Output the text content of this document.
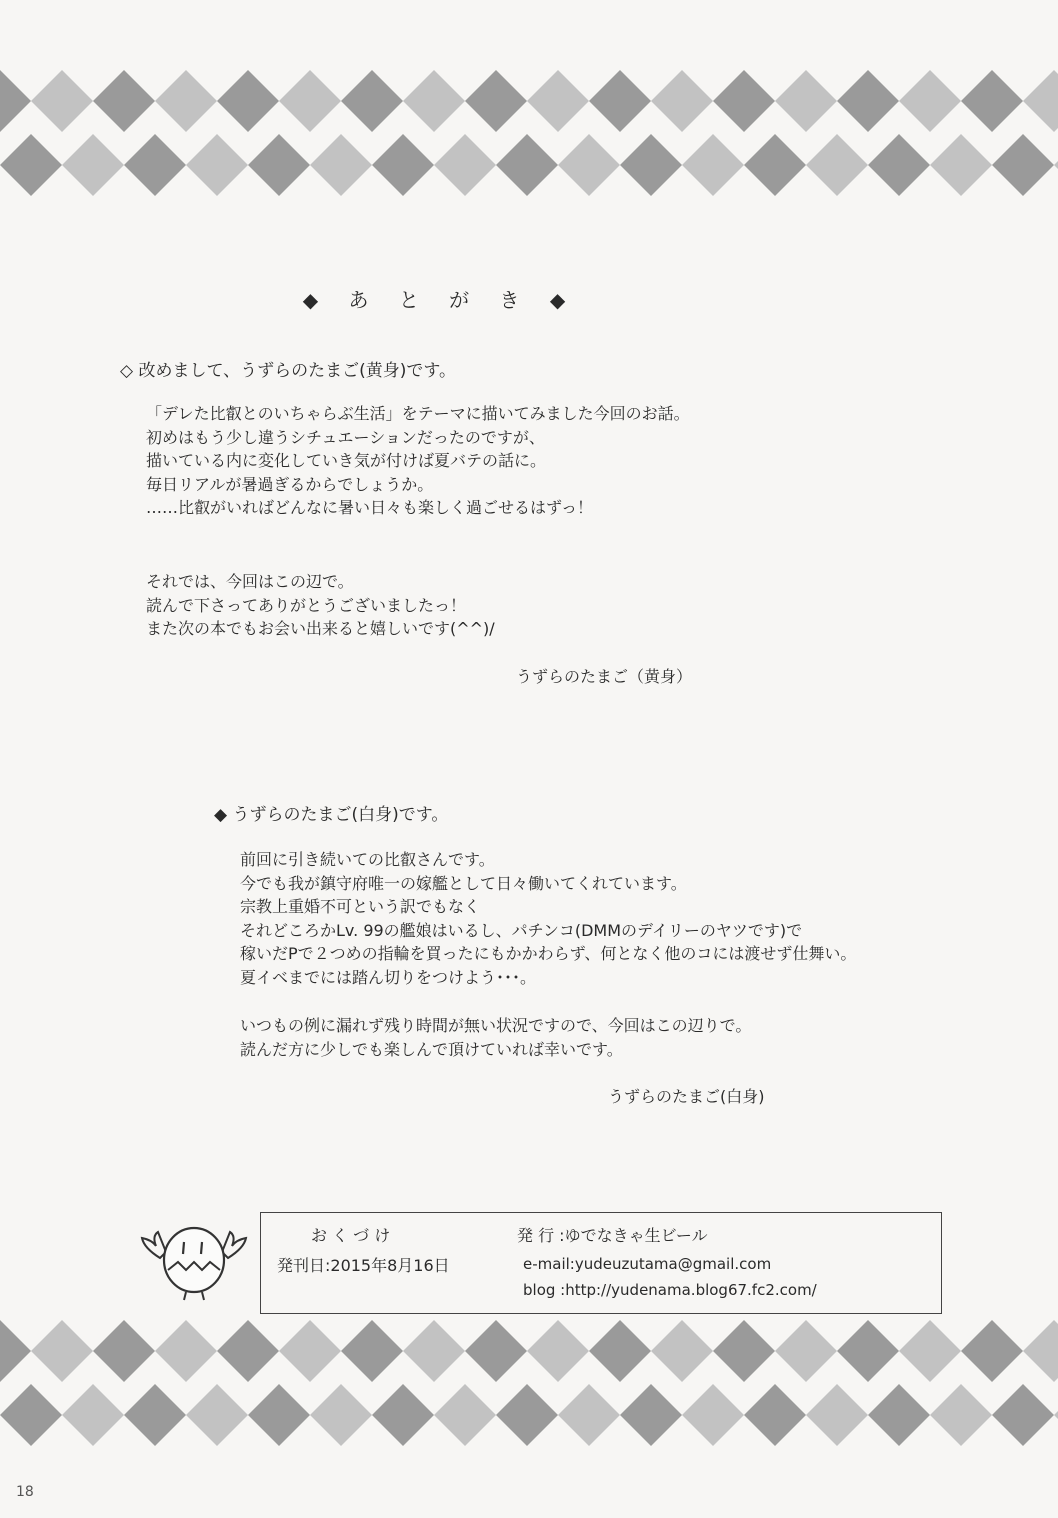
◆ あ と が き ◆
◇ 改めまして、うずらのたまご(黄身)です。

「デレた比叡とのいちゃらぶ生活」をテーマに描いてみました今回のお話。
初めはもう少し違うシチュエーションだったのですが、
描いている内に変化していき気が付けば夏バテの話に。
毎日リアルが暑過ぎるからでしょうか。
……比叡がいればどんなに暑い日々も楽しく過ごせるはずっ！

それでは、今回はこの辺で。
読んで下さってありがとうございましたっ！
また次の本でもお会い出来ると嬉しいです(^^)/

うずらのたまご（黄身）
◆ うずらのたまご(白身)です。

前回に引き続いての比叡さんです。
今でも我が鎮守府唯一の嫁艦として日々働いてくれています。
宗教上重婚不可という訳でもなく
それどころかLv. 99の艦娘はいるし、パチンコ(DMMのデイリーのヤツです)で
稼いだPで２つめの指輪を買ったにもかかわらず、何となく他のコには渡せず仕舞い。
夏イベまでには踏ん切りをつけよう･･･。

いつもの例に漏れず残り時間が無い状況ですので、今回はこの辺りで。
読んだ方に少しでも楽しんで頂けていれば幸いです。

うずらのたまご(白身)
お く づ け	発 行 :ゆでなきゃ生ビール
発刊日:2015年8月16日	e-mail:yudeuzutama@gmail.com
blog :http://yudenama.blog67.fc2.com/
18
